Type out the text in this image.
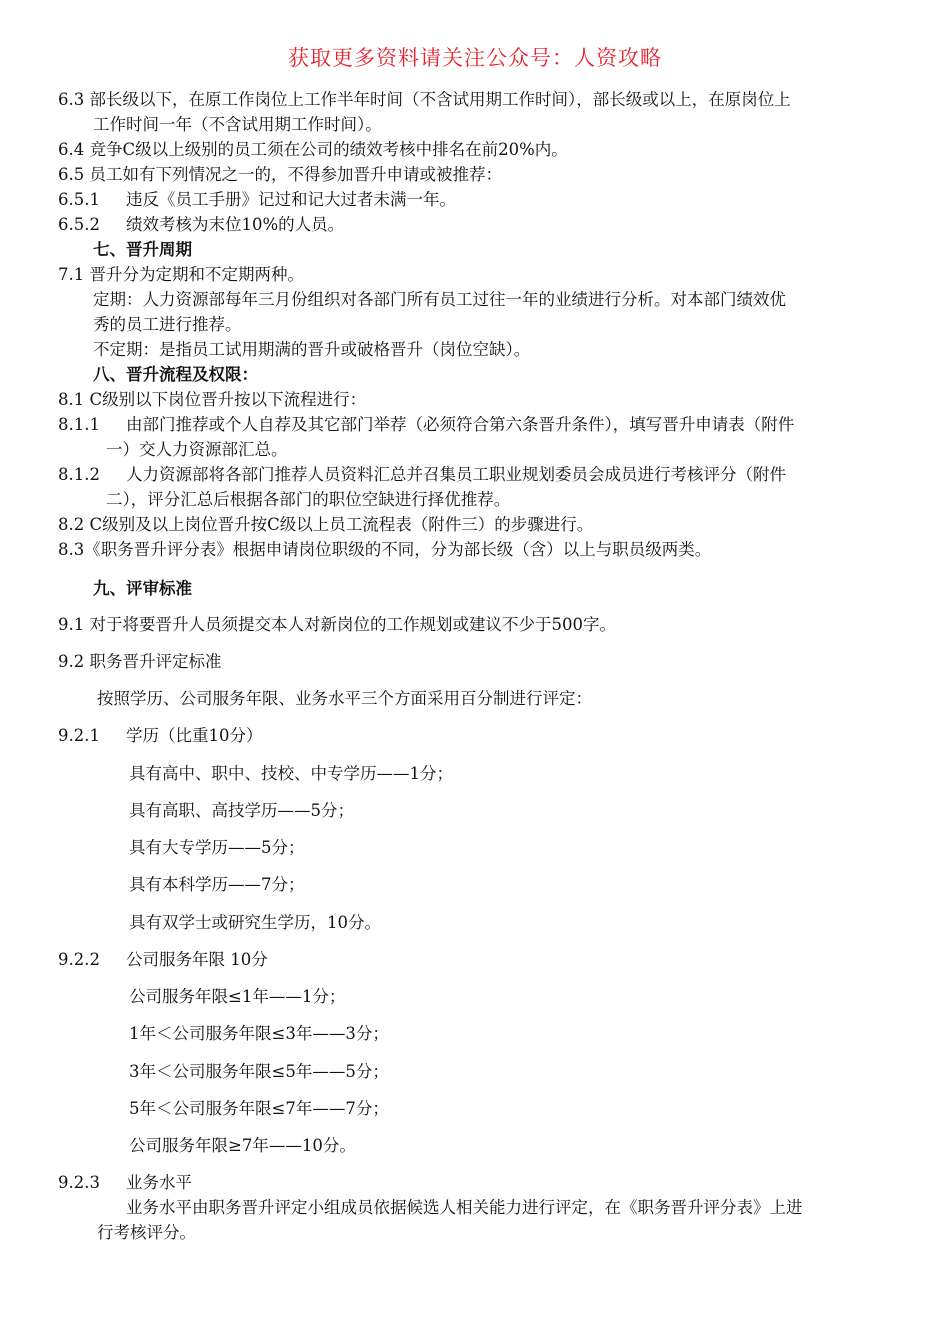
获取更多资料请关注公众号：人资攻略
6.3 部长级以下，在原工作岗位上工作半年时间（不含试用期工作时间），部长级或以上，在原岗位上
工作时间一年（不含试用期工作时间）。
6.4 竞争C级以上级别的员工须在公司的绩效考核中排名在前20%内。
6.5 员工如有下列情况之一的，不得参加晋升申请或被推荐：
6.5.1 违反《员工手册》记过和记大过者未满一年。
6.5.2 绩效考核为末位10%的人员。
七、晋升周期
7.1 晋升分为定期和不定期两种。
定期：人力资源部每年三月份组织对各部门所有员工过往一年的业绩进行分析。对本部门绩效优
秀的员工进行推荐。
不定期：是指员工试用期满的晋升或破格晋升（岗位空缺）。
八、晋升流程及权限：
8.1 C级别以下岗位晋升按以下流程进行：
8.1.1 由部门推荐或个人自荐及其它部门举荐（必须符合第六条晋升条件），填写晋升申请表（附件
一）交人力资源部汇总。
8.1.2 人力资源部将各部门推荐人员资料汇总并召集员工职业规划委员会成员进行考核评分（附件
二），评分汇总后根据各部门的职位空缺进行择优推荐。
8.2 C级别及以上岗位晋升按C级以上员工流程表（附件三）的步骤进行。
8.3《职务晋升评分表》根据申请岗位职级的不同，分为部长级（含）以上与职员级两类。
九、评审标准
9.1 对于将要晋升人员须提交本人对新岗位的工作规划或建议不少于500字。
9.2 职务晋升评定标准
按照学历、公司服务年限、业务水平三个方面采用百分制进行评定：
9.2.1 学历（比重10分）
具有高中、职中、技校、中专学历——1分；
具有高职、高技学历——5分；
具有大专学历——5分；
具有本科学历——7分；
具有双学士或研究生学历，10分。
9.2.2 公司服务年限 10分
公司服务年限≤1年——1分；
1年＜公司服务年限≤3年——3分；
3年＜公司服务年限≤5年——5分；
5年＜公司服务年限≤7年——7分；
公司服务年限≥7年——10分。
9.2.3 业务水平
业务水平由职务晋升评定小组成员依据候选人相关能力进行评定，在《职务晋升评分表》上进
行考核评分。
